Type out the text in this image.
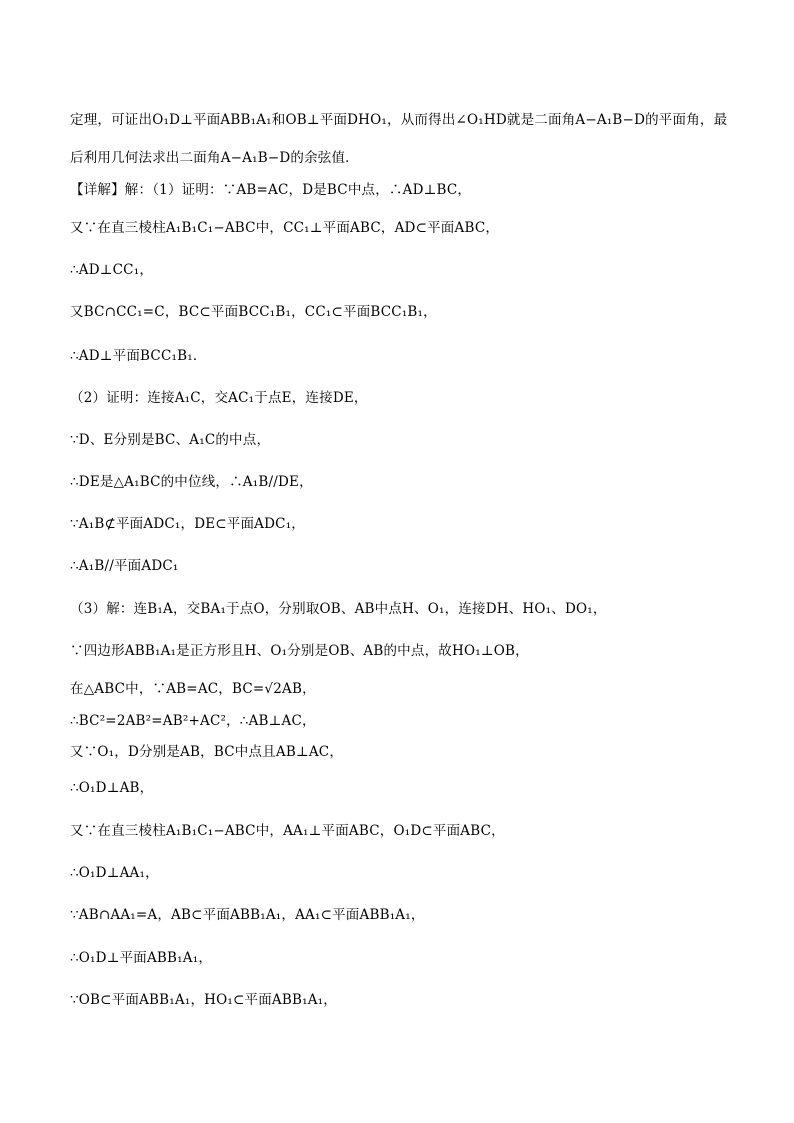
定理，可证出O₁D⊥平面ABB₁A₁和OB⊥平面DHO₁，从而得出∠O₁HD就是二面角A−A₁B−D的平面角，最
后利用几何法求出二面角A−A₁B−D的余弦值．
【详解】解：（1）证明：∵AB=AC，D是BC中点，∴AD⊥BC，
又∵在直三棱柱A₁B₁C₁−ABC中，CC₁⊥平面ABC，AD⊂平面ABC，
∴AD⊥CC₁，
又BC∩CC₁=C，BC⊂平面BCC₁B₁，CC₁⊂平面BCC₁B₁，
∴AD⊥平面BCC₁B₁．
（2）证明：连接A₁C，交AC₁于点E，连接DE，
∵D、E分别是BC、A₁C的中点，
∴DE是△A₁BC的中位线，∴A₁B//DE，
∵A₁B⊄平面ADC₁，DE⊂平面ADC₁，
∴A₁B//平面ADC₁
（3）解：连B₁A，交BA₁于点O，分别取OB、AB中点H、O₁，连接DH、HO₁、DO₁，
∵四边形ABB₁A₁是正方形且H、O₁分别是OB、AB的中点，故HO₁⊥OB，
在△ABC中，∵AB=AC，BC=√2AB，
∴BC²=2AB²=AB²+AC²，∴AB⊥AC，
又∵O₁，D分别是AB，BC中点且AB⊥AC，
∴O₁D⊥AB，
又∵在直三棱柱A₁B₁C₁−ABC中，AA₁⊥平面ABC，O₁D⊂平面ABC，
∴O₁D⊥AA₁，
∵AB∩AA₁=A，AB⊂平面ABB₁A₁，AA₁⊂平面ABB₁A₁，
∴O₁D⊥平面ABB₁A₁，
∵OB⊂平面ABB₁A₁，HO₁⊂平面ABB₁A₁，
